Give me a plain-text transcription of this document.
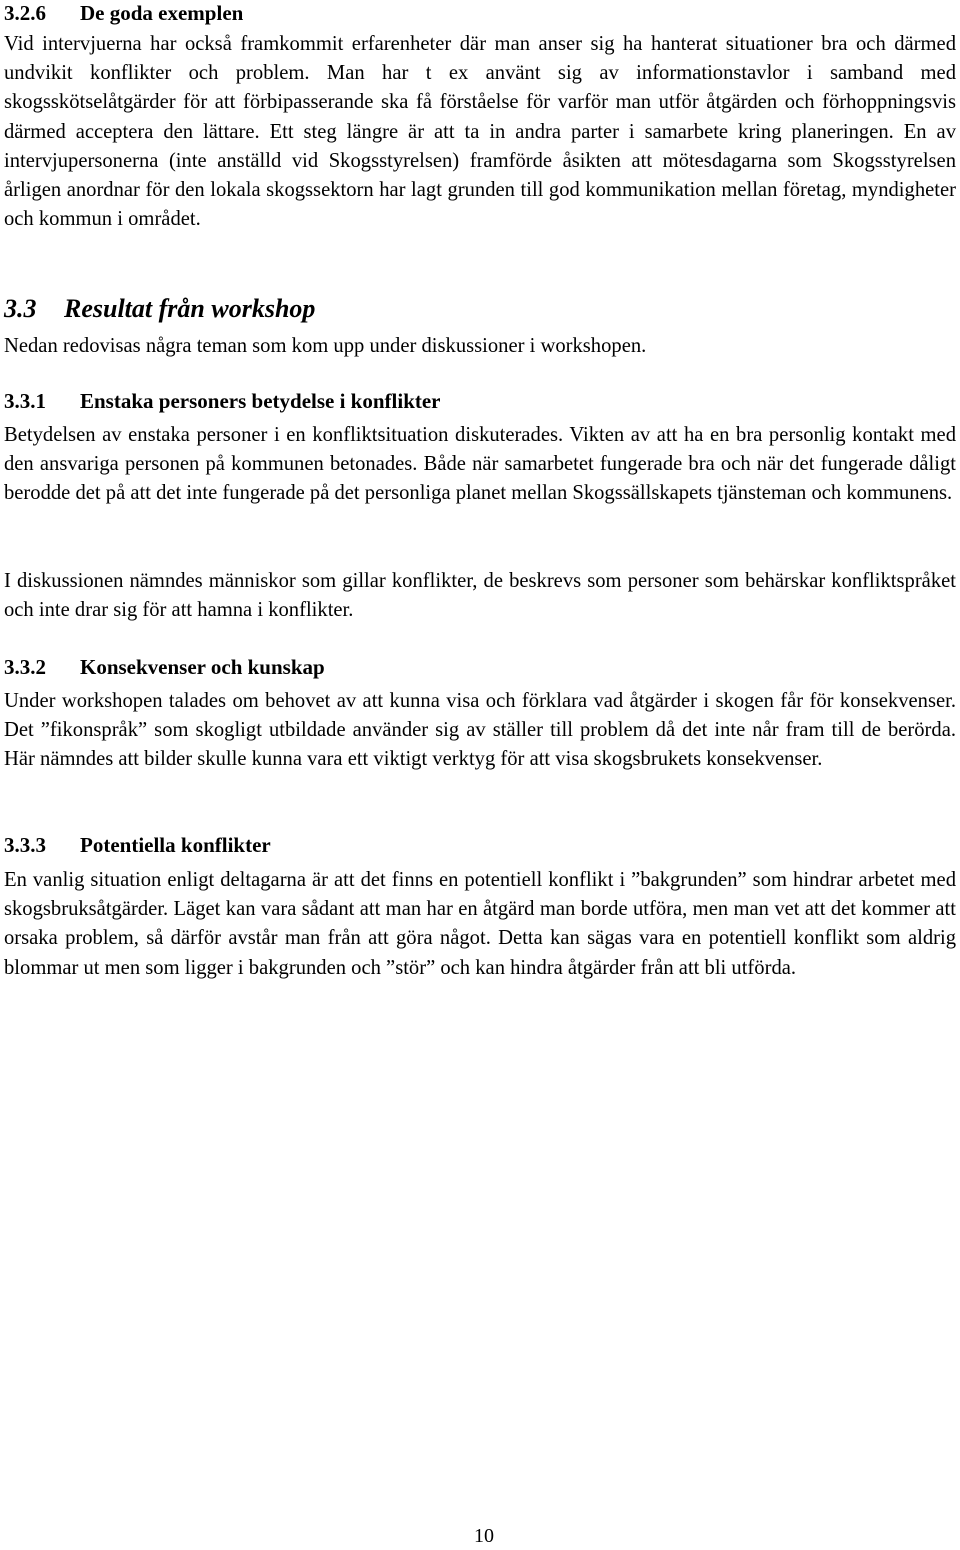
3.2.6 De goda exemplen

Vid intervjuerna har också framkommit erfarenheter där man anser sig ha hanterat situationer bra och därmed undvikit konflikter och problem. Man har t ex använt sig av informationstavlor i samband med skogsskötselåtgärder för att förbipasserande ska få förståelse för varför man utför åtgärden och förhoppningsvis därmed acceptera den lättare. Ett steg längre är att ta in andra parter i samarbete kring planeringen. En av intervjupersonerna (inte anställd vid Skogsstyrelsen) framförde åsikten att mötesdagarna som Skogsstyrelsen årligen anordnar för den lokala skogssektorn har lagt grunden till god kommunikation mellan företag, myndigheter och kommun i området.

3.3 Resultat från workshop

Nedan redovisas några teman som kom upp under diskussioner i workshopen.

3.3.1 Enstaka personers betydelse i konflikter

Betydelsen av enstaka personer i en konfliktsituation diskuterades. Vikten av att ha en bra personlig kontakt med den ansvariga personen på kommunen betonades. Både när samarbetet fungerade bra och när det fungerade dåligt berodde det på att det inte fungerade på det personliga planet mellan Skogssällskapets tjänsteman och kommunens.

I diskussionen nämndes människor som gillar konflikter, de beskrevs som personer som behärskar konfliktspråket och inte drar sig för att hamna i konflikter.

3.3.2 Konsekvenser och kunskap

Under workshopen talades om behovet av att kunna visa och förklara vad åtgärder i skogen får för konsekvenser. Det ”fikonspråk” som skogligt utbildade använder sig av ställer till problem då det inte når fram till de berörda. Här nämndes att bilder skulle kunna vara ett viktigt verktyg för att visa skogsbrukets konsekvenser.

3.3.3 Potentiella konflikter

En vanlig situation enligt deltagarna är att det finns en potentiell konflikt i ”bakgrunden” som hindrar arbetet med skogsbruksåtgärder. Läget kan vara sådant att man har en åtgärd man borde utföra, men man vet att det kommer att orsaka problem, så därför avstår man från att göra något. Detta kan sägas vara en potentiell konflikt som aldrig blommar ut men som ligger i bakgrunden och ”stör” och kan hindra åtgärder från att bli utförda.

10
